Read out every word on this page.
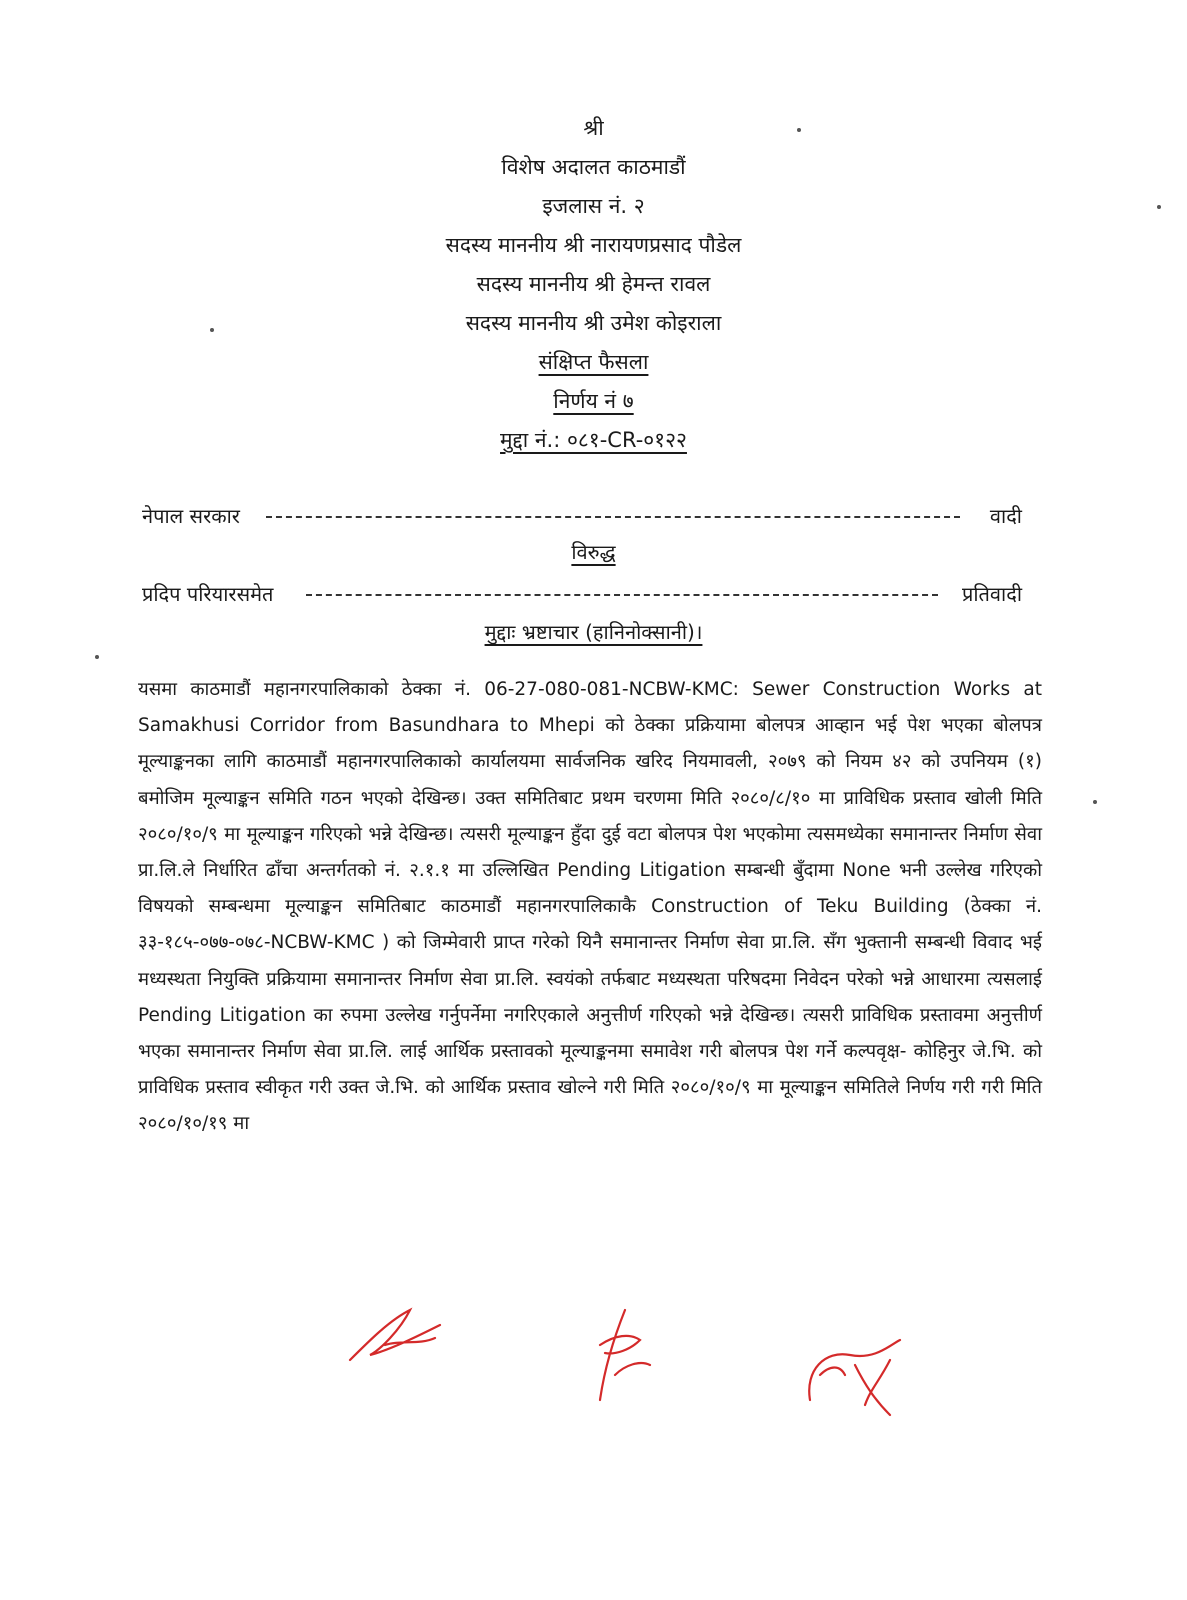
श्री
विशेष अदालत काठमाडौं
इजलास नं. २
सदस्य माननीय श्री नारायणप्रसाद पौडेल
सदस्य माननीय श्री हेमन्त रावल
सदस्य माननीय श्री उमेश कोइराला
संक्षिप्त फैसला
निर्णय नं ७
मुद्दा नं.: ०८१-CR-०१२२
नेपाल सरकार	वादी
विरुद्ध
प्रदिप परियारसमेत	प्रतिवादी
मुद्दाः भ्रष्टाचार (हानिनोक्सानी)।
यसमा काठमाडौं महानगरपालिकाको ठेक्का नं. 06-27-080-081-NCBW-KMC: Sewer Construction Works at Samakhusi Corridor from Basundhara to Mhepi को ठेक्का प्रक्रियामा बोलपत्र आव्हान भई पेश भएका बोलपत्र मूल्याङ्कनका लागि काठमाडौं महानगरपालिकाको कार्यालयमा सार्वजनिक खरिद नियमावली, २०७९ को नियम ४२ को उपनियम (१) बमोजिम मूल्याङ्कन समिति गठन भएको देखिन्छ। उक्त समितिबाट प्रथम चरणमा मिति २०८०/८/१० मा प्राविधिक प्रस्ताव खोली मिति २०८०/१०/९ मा मूल्याङ्कन गरिएको भन्ने देखिन्छ। त्यसरी मूल्याङ्कन हुँदा दुई वटा बोलपत्र पेश भएकोमा त्यसमध्येका समानान्तर निर्माण सेवा प्रा.लि.ले निर्धारित ढाँचा अन्तर्गतको नं. २.१.१ मा उल्लिखित Pending Litigation सम्बन्धी बुँदामा None भनी उल्लेख गरिएको विषयको सम्बन्धमा मूल्याङ्कन समितिबाट काठमाडौं महानगरपालिकाकै Construction of Teku Building (ठेक्का नं. ३३-१८५-०७७-०७८-NCBW-KMC ) को जिम्मेवारी प्राप्त गरेको यिनै समानान्तर निर्माण सेवा प्रा.लि. सँग भुक्तानी सम्बन्धी विवाद भई मध्यस्थता नियुक्ति प्रक्रियामा समानान्तर निर्माण सेवा प्रा.लि. स्वयंको तर्फबाट मध्यस्थता परिषदमा निवेदन परेको भन्ने आधारमा त्यसलाई Pending Litigation का रुपमा उल्लेख गर्नुपर्नेमा नगरिएकाले अनुत्तीर्ण गरिएको भन्ने देखिन्छ। त्यसरी प्राविधिक प्रस्तावमा अनुत्तीर्ण भएका समानान्तर निर्माण सेवा प्रा.लि. लाई आर्थिक प्रस्तावको मूल्याङ्कनमा समावेश गरी बोलपत्र पेश गर्ने कल्पवृक्ष- कोहिनुर जे.भि. को प्राविधिक प्रस्ताव स्वीकृत गरी उक्त जे.भि. को आर्थिक प्रस्ताव खोल्ने गरी मिति २०८०/१०/९ मा मूल्याङ्कन समितिले निर्णय गरी गरी मिति २०८०/१०/१९ मा
